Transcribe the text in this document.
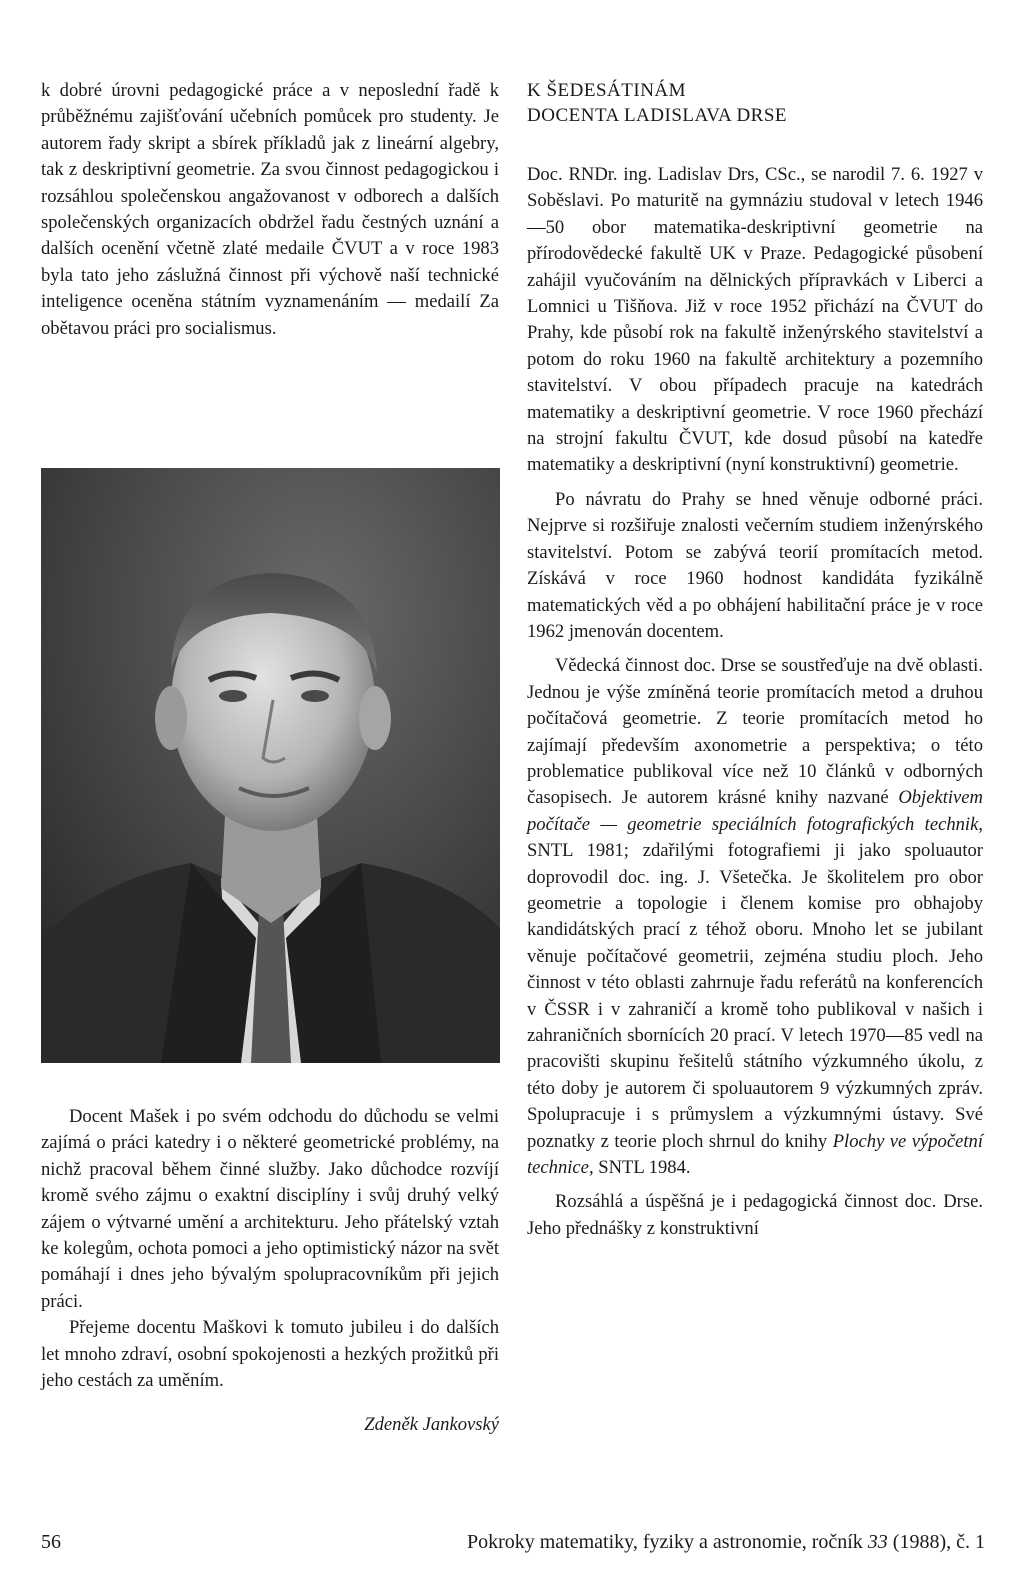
k dobré úrovni pedagogické práce a v neposlední řadě k průběžnému zajišťování učebních pomůcek pro studenty. Je autorem řady skript a sbírek příkladů jak z lineární algebry, tak z deskriptivní geometrie. Za svou činnost pedagogickou i rozsáhlou společenskou angažovanost v odborech a dalších společenských organizacích obdržel řadu čestných uznání a dalších ocenění včetně zlaté medaile ČVUT a v roce 1983 byla tato jeho záslužná činnost při výchově naší technické inteligence oceněna státním vyznamenáním — medailí Za obětavou práci pro socialismus.

Docent Mašek i po svém odchodu do důchodu se velmi zajímá o práci katedry i o některé geometrické problémy, na nichž pracoval během činné služby. Jako důchodce rozvíjí kromě svého zájmu o exaktní disciplíny i svůj druhý velký zájem o výtvarné umění a architekturu. Jeho přátelský vztah ke kolegům, ochota pomoci a jeho optimistický názor na svět pomáhají i dnes jeho bývalým spolupracovníkům při jejich práci.

Přejeme docentu Maškovi k tomuto jubileu i do dalších let mnoho zdraví, osobní spokojenosti a hezkých prožitků při jeho cestách za uměním.

Zdeněk Jankovský

K ŠEDESÁTINÁM
DOCENTA LADISLAVA DRSE

Doc. RNDr. ing. Ladislav Drs, CSc., se narodil 7. 6. 1927 v Soběslavi. Po maturitě na gymnáziu studoval v letech 1946—50 obor matematika-deskriptivní geometrie na přírodovědecké fakultě UK v Praze. Pedagogické působení zahájil vyučováním na dělnických přípravkách v Liberci a Lomnici u Tišňova. Již v roce 1952 přichází na ČVUT do Prahy, kde působí rok na fakultě inženýrského stavitelství a potom do roku 1960 na fakultě architektury a pozemního stavitelství. V obou případech pracuje na katedrách matematiky a deskriptivní geometrie. V roce 1960 přechází na strojní fakultu ČVUT, kde dosud působí na katedře matematiky a deskriptivní (nyní konstruktivní) geometrie.

Po návratu do Prahy se hned věnuje odborné práci. Nejprve si rozšiřuje znalosti večerním studiem inženýrského stavitelství. Potom se zabývá teorií promítacích metod. Získává v roce 1960 hodnost kandidáta fyzikálně matematických věd a po obhájení habilitační práce je v roce 1962 jmenován docentem.

Vědecká činnost doc. Drse se soustřeďuje na dvě oblasti. Jednou je výše zmíněná teorie promítacích metod a druhou počítačová geometrie. Z teorie promítacích metod ho zajímají především axonometrie a perspektiva; o této problematice publikoval více než 10 článků v odborných časopisech. Je autorem krásné knihy nazvané Objektivem počítače — geometrie speciálních fotografických technik, SNTL 1981; zdařilými fotografiemi ji jako spoluautor doprovodil doc. ing. J. Všetečka. Je školitelem pro obor geometrie a topologie i členem komise pro obhajoby kandidátských prací z téhož oboru. Mnoho let se jubilant věnuje počítačové geometrii, zejména studiu ploch. Jeho činnost v této oblasti zahrnuje řadu referátů na konferencích v ČSSR i v zahraničí a kromě toho publikoval v našich i zahraničních sbornících 20 prací. V letech 1970—85 vedl na pracovišti skupinu řešitelů státního výzkumného úkolu, z této doby je autorem či spoluautorem 9 výzkumných zpráv. Spolupracuje i s průmyslem a výzkumnými ústavy. Své poznatky z teorie ploch shrnul do knihy Plochy ve výpočetní technice, SNTL 1984.

Rozsáhlá a úspěšná je i pedagogická činnost doc. Drse. Jeho přednášky z konstruktivní

56	Pokroky matematiky, fyziky a astronomie, ročník 33 (1988), č. 1
